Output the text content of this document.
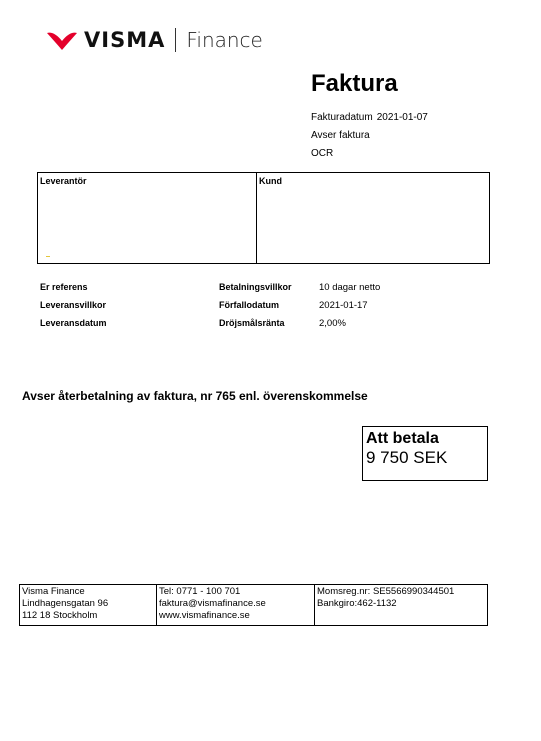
VISMA Finance
Faktura
Fakturadatum 2021-01-07
Avser faktura
OCR
Leverantör	Kund
Er referens
Leveransvillkor
Leveransdatum
Betalningsvillkor
Förfallodatum
Dröjsmålsränta
10 dagar netto
2021-01-17
2,00%
Avser återbetalning av faktura, nr 765 enl. överenskommelse
Att betala
9 750 SEK
Visma Finance
Lindhagensgatan 96
112 18 Stockholm
Tel: 0771 - 100 701
faktura@vismafinance.se
www.vismafinance.se
Momsreg.nr: SE5566990344501
Bankgiro:462-1132
